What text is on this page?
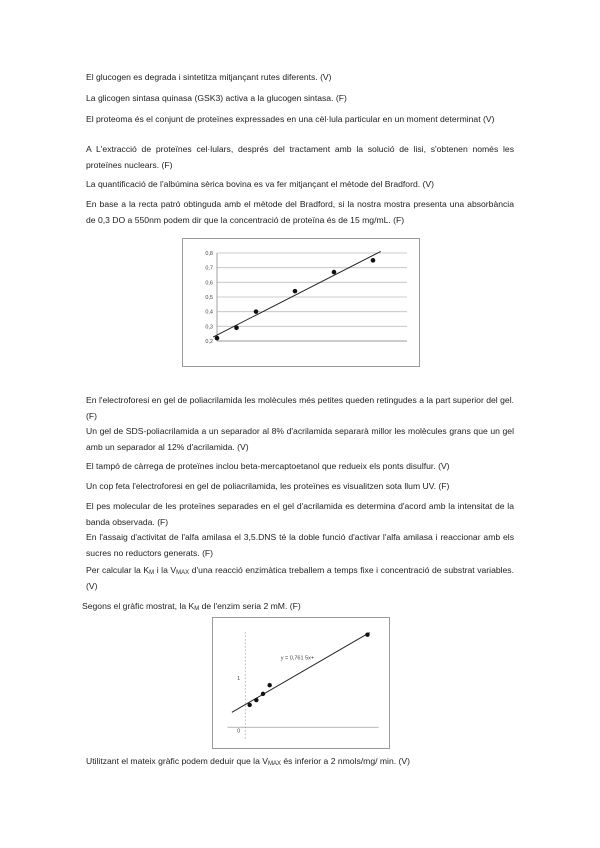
El glucogen es degrada i sintetitza mitjançant rutes diferents. (V)
La glicogen sintasa quinasa (GSK3) activa a la glucogen sintasa. (F)
El proteoma és el conjunt de proteïnes expressades en una cèl·lula particular en un moment determinat (V)
A L'extracció de proteïnes cel·lulars, després del tractament amb la solució de lisi, s'obtenen només les proteïnes nuclears. (F)
La quantificació de l'albúmina sèrica bovina es va fer mitjançant el mètode del Bradford. (V)
En base a la recta patró obtinguda amb el mètode del Bradford, si la nostra mostra presenta una absorbància de 0,3 DO a 550nm podem dir que la concentració de proteïna és de 15 mg/mL. (F)
0,2
0,3
0,4
0,5
0,6
0,7
0,8
En l'electroforesi en gel de poliacrilamida les molècules més petites queden retingudes a la part superior del gel. (F)
Un gel de SDS-poliacrilamida a un separador al 8% d'acrilamida separarà millor les molècules grans que un gel amb un separador al 12% d'acrilamida. (V)
El tampó de càrrega de proteïnes inclou beta-mercaptoetanol que redueix els ponts disulfur. (V)
Un cop feta l'electroforesi en gel de poliacrilamida, les proteïnes es visualitzen sota llum UV. (F)
El pes molecular de les proteïnes separades en el gel d'acrilamida es determina d'acord amb la intensitat de la banda observada. (F)
En l'assaig d'activitat de l'alfa amilasa el 3,5.DNS té la doble funció d'activar l'alfa amilasa i reaccionar amb els sucres no reductors generats. (F)
Per calcular la $K_M$ i la $V_{MAX}$ d'una reacció enzimàtica treballem a temps fixe i concentració de substrat variables. (V)
Segons el gràfic mostrat, la $K_M$ de l'enzim seria 2 mM. (F)
0
1
y = 0,761 5x+
Utilitzant el mateix gràfic podem deduir que la $V_{MAX}$ és inferior a 2 nmols/mg/ min. (V)
